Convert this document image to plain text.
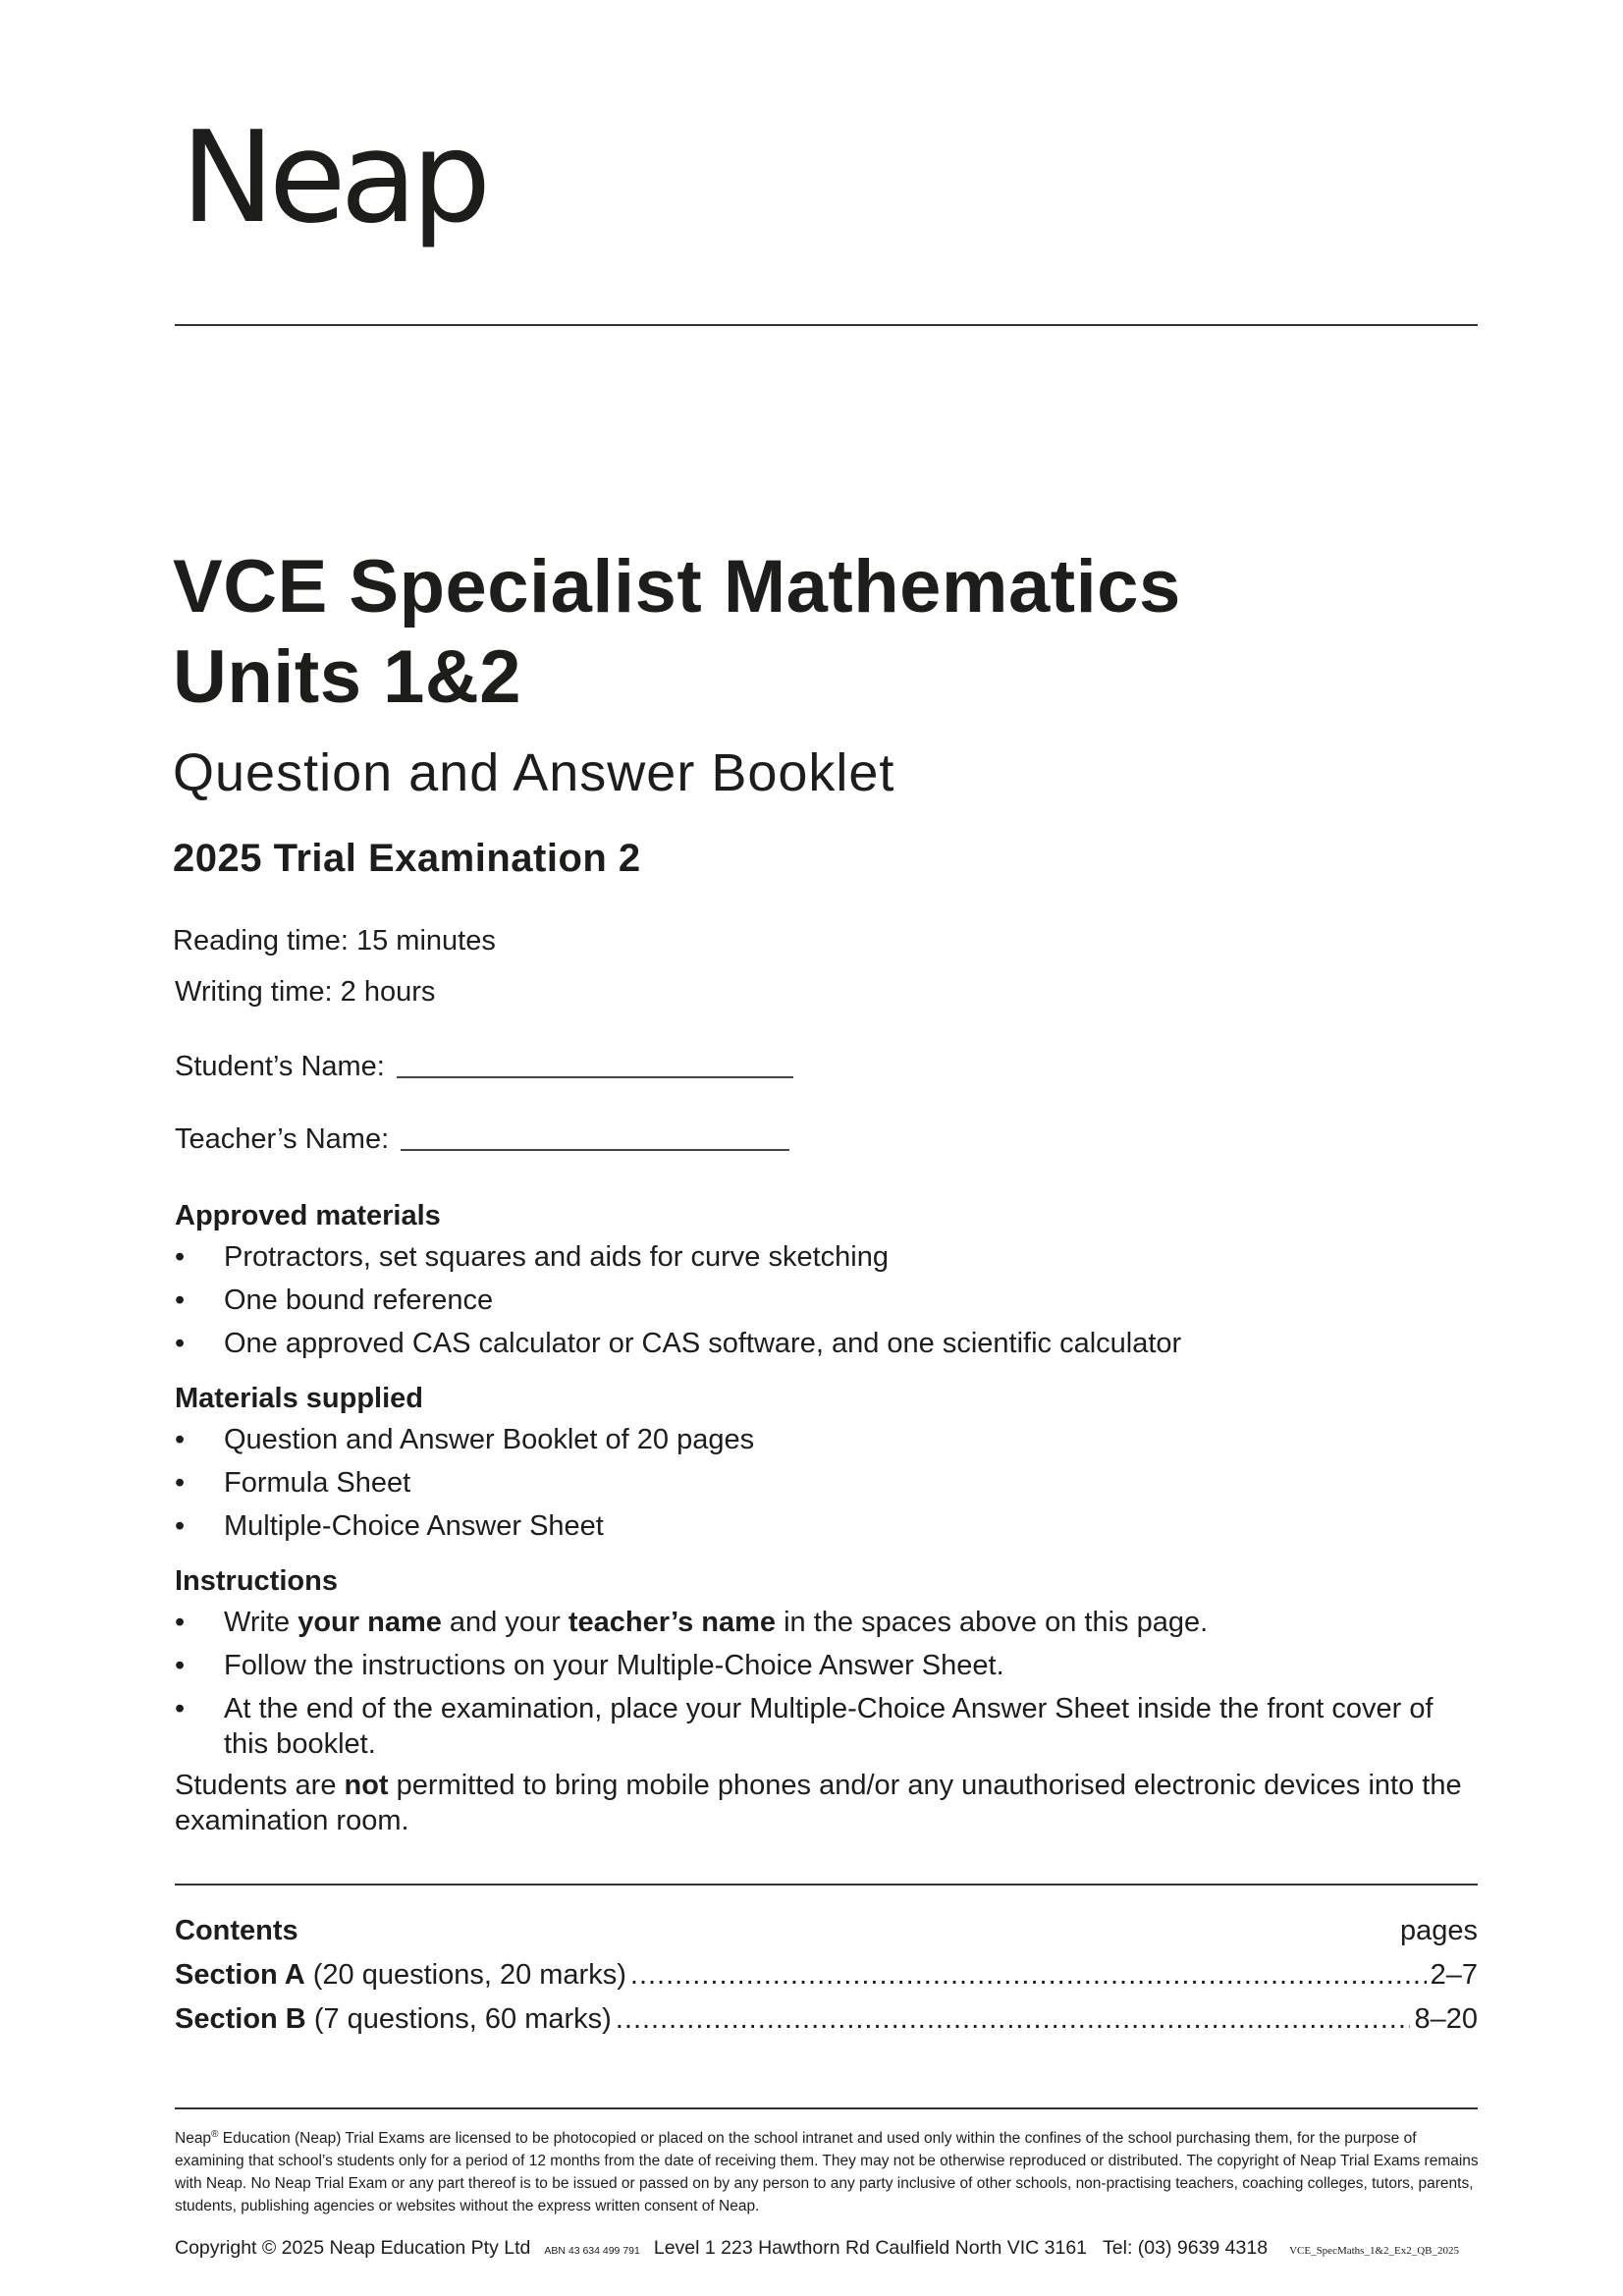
Neap
VCE Specialist Mathematics
Units 1&2
Question and Answer Booklet
2025 Trial Examination 2
Reading time: 15 minutes
Writing time: 2 hours
Student’s Name:
Teacher’s Name:
Approved materials
• Protractors, set squares and aids for curve sketching
• One bound reference
• One approved CAS calculator or CAS software, and one scientific calculator
Materials supplied
• Question and Answer Booklet of 20 pages
• Formula Sheet
• Multiple-Choice Answer Sheet
Instructions
• Write your name and your teacher’s name in the spaces above on this page.
• Follow the instructions on your Multiple-Choice Answer Sheet.
• At the end of the examination, place your Multiple-Choice Answer Sheet inside the front cover of this booklet.
Students are not permitted to bring mobile phones and/or any unauthorised electronic devices into the examination room.
Contents	pages
Section A
(20 questions, 20 marks) .....	2–7
Section B
(7 questions, 60 marks) .....	8–20
Neap® Education (Neap) Trial Exams are licensed to be photocopied or placed on the school intranet and used only within the confines of the school purchasing them, for the purpose of examining that school’s students only for a period of 12 months from the date of receiving them. They may not be otherwise reproduced or distributed. The copyright of Neap Trial Exams remains with Neap. No Neap Trial Exam or any part thereof is to be issued or passed on by any person to any party inclusive of other schools, non-practising teachers, coaching colleges, tutors, parents, students, publishing agencies or websites without the express written consent of Neap.
Copyright © 2025 Neap Education Pty Ltd ABN 43 634 499 791 Level 1 223 Hawthorn Rd Caulfield North VIC 3161 Tel: (03) 9639 4318 VCE_SpecMaths_1&2_Ex2_QB_2025
